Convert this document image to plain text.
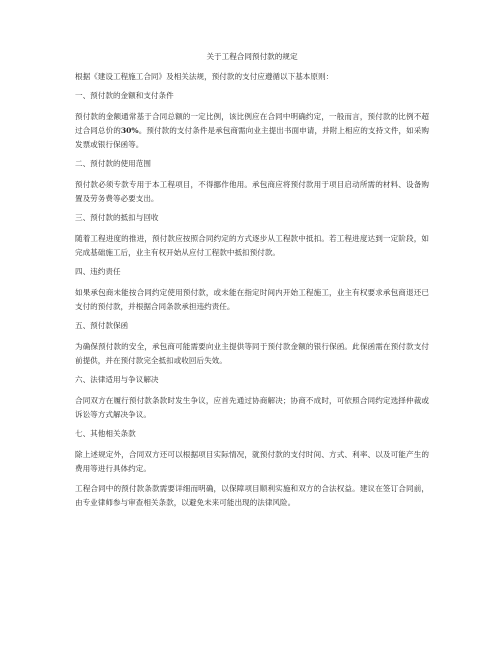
关于工程合同预付款的规定

根据《建设工程施工合同》及相关法规，预付款的支付应遵循以下基本原则：

一、预付款的金额和支付条件

预付款的金额通常基于合同总额的一定比例，该比例应在合同中明确约定，一般而言，预付款的比例不超过合同总价的30%。预付款的支付条件是承包商需向业主提出书面申请，并附上相应的支持文件，如采购发票或银行保函等。

二、预付款的使用范围

预付款必须专款专用于本工程项目，不得挪作他用。承包商应将预付款用于项目启动所需的材料、设备购置及劳务费等必要支出。

三、预付款的抵扣与回收

随着工程进度的推进，预付款应按照合同约定的方式逐步从工程款中抵扣。若工程进度达到一定阶段，如完成基础施工后，业主有权开始从应付工程款中抵扣预付款。

四、违约责任

如果承包商未能按合同约定使用预付款，或未能在指定时间内开始工程施工，业主有权要求承包商退还已支付的预付款，并根据合同条款承担违约责任。

五、预付款保函

为确保预付款的安全，承包商可能需要向业主提供等同于预付款金额的银行保函。此保函需在预付款支付前提供，并在预付款完全抵扣或收回后失效。

六、法律适用与争议解决

合同双方在履行预付款条款时发生争议，应首先通过协商解决；协商不成时，可依照合同约定选择仲裁或诉讼等方式解决争议。

七、其他相关条款

除上述规定外，合同双方还可以根据项目实际情况，就预付款的支付时间、方式、利率、以及可能产生的费用等进行具体约定。

工程合同中的预付款条款需要详细而明确，以保障项目顺利实施和双方的合法权益。建议在签订合同前，由专业律师参与审查相关条款，以避免未来可能出现的法律风险。
